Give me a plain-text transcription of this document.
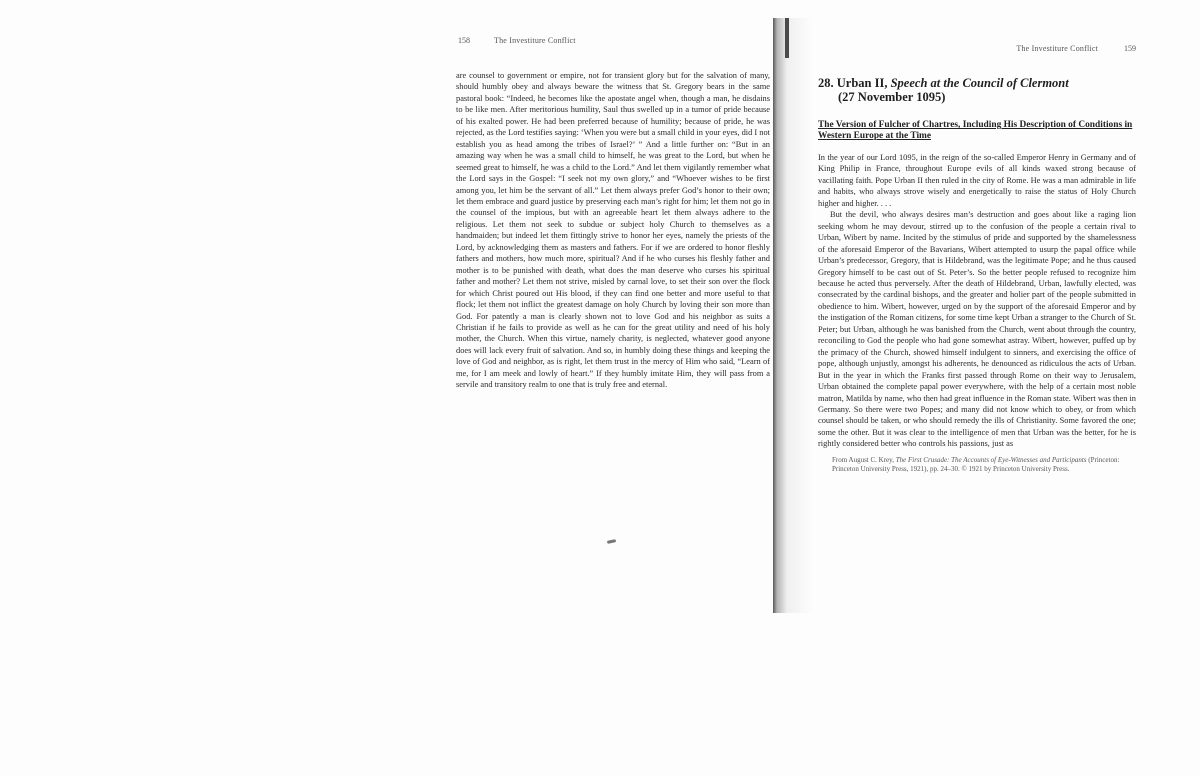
158	The Investiture Conflict
are counsel to government or empire, not for transient glory but for the salvation of many, should humbly obey and always beware the witness that St. Gregory bears in the same pastoral book: “Indeed, he becomes like the apostate angel when, though a man, he disdains to be like men. After meritorious humility, Saul thus swelled up in a tumor of pride because of his exalted power. He had been preferred because of humility; because of pride, he was rejected, as the Lord testifies saying: ‘When you were but a small child in your eyes, did I not establish you as head among the tribes of Israel?’ ” And a little further on: “But in an amazing way when he was a small child to himself, he was great to the Lord, but when he seemed great to himself, he was a child to the Lord.” And let them vigilantly remember what the Lord says in the Gospel: “I seek not my own glory,” and “Whoever wishes to be first among you, let him be the servant of all.” Let them always prefer God’s honor to their own; let them embrace and guard justice by preserving each man’s right for him; let them not go in the counsel of the impious, but with an agreeable heart let them always adhere to the religious. Let them not seek to subdue or subject holy Church to themselves as a handmaiden; but indeed let them fittingly strive to honor her eyes, namely the priests of the Lord, by acknowledging them as masters and fathers. For if we are ordered to honor fleshly fathers and mothers, how much more, spiritual? And if he who curses his fleshly father and mother is to be punished with death, what does the man deserve who curses his spiritual father and mother? Let them not strive, misled by carnal love, to set their son over the flock for which Christ poured out His blood, if they can find one better and more useful to that flock; let them not inflict the greatest damage on holy Church by loving their son more than God. For patently a man is clearly shown not to love God and his neighbor as suits a Christian if he fails to provide as well as he can for the great utility and need of his holy mother, the Church. When this virtue, namely charity, is neglected, whatever good anyone does will lack every fruit of salvation. And so, in humbly doing these things and keeping the love of God and neighbor, as is right, let them trust in the mercy of Him who said, “Learn of me, for I am meek and lowly of heart.” If they humbly imitate Him, they will pass from a servile and transitory realm to one that is truly free and eternal.
The Investiture Conflict	159
28. Urban II, Speech at the Council of Clermont
(27 November 1095)
The Version of Fulcher of Chartres, Including His Description of Conditions in Western Europe at the Time

In the year of our Lord 1095, in the reign of the so-called Emperor Henry in Germany and of King Philip in France, throughout Europe evils of all kinds waxed strong because of vacillating faith. Pope Urban II then ruled in the city of Rome. He was a man admirable in life and habits, who always strove wisely and energetically to raise the status of Holy Church higher and higher. . . .

But the devil, who always desires man’s destruction and goes about like a raging lion seeking whom he may devour, stirred up to the confusion of the people a certain rival to Urban, Wibert by name. Incited by the stimulus of pride and supported by the shamelessness of the aforesaid Emperor of the Bavarians, Wibert attempted to usurp the papal office while Urban’s predecessor, Gregory, that is Hildebrand, was the legitimate Pope; and he thus caused Gregory himself to be cast out of St. Peter’s. So the better people refused to recognize him because he acted thus perversely. After the death of Hildebrand, Urban, lawfully elected, was consecrated by the cardinal bishops, and the greater and holier part of the people submitted in obedience to him. Wibert, however, urged on by the support of the aforesaid Emperor and by the instigation of the Roman citizens, for some time kept Urban a stranger to the Church of St. Peter; but Urban, although he was banished from the Church, went about through the country, reconciling to God the people who had gone somewhat astray. Wibert, however, puffed up by the primacy of the Church, showed himself indulgent to sinners, and exercising the office of pope, although unjustly, amongst his adherents, he denounced as ridiculous the acts of Urban. But in the year in which the Franks first passed through Rome on their way to Jerusalem, Urban obtained the complete papal power everywhere, with the help of a certain most noble matron, Matilda by name, who then had great influence in the Roman state. Wibert was then in Germany. So there were two Popes; and many did not know which to obey, or from which counsel should be taken, or who should remedy the ills of Christianity. Some favored the one; some the other. But it was clear to the intelligence of men that Urban was the better, for he is rightly considered better who controls his passions, just as

From August C. Krey, The First Crusade: The Accounts of Eye-Witnesses and Participants (Princeton: Princeton University Press, 1921), pp. 24–30. © 1921 by Princeton University Press.
